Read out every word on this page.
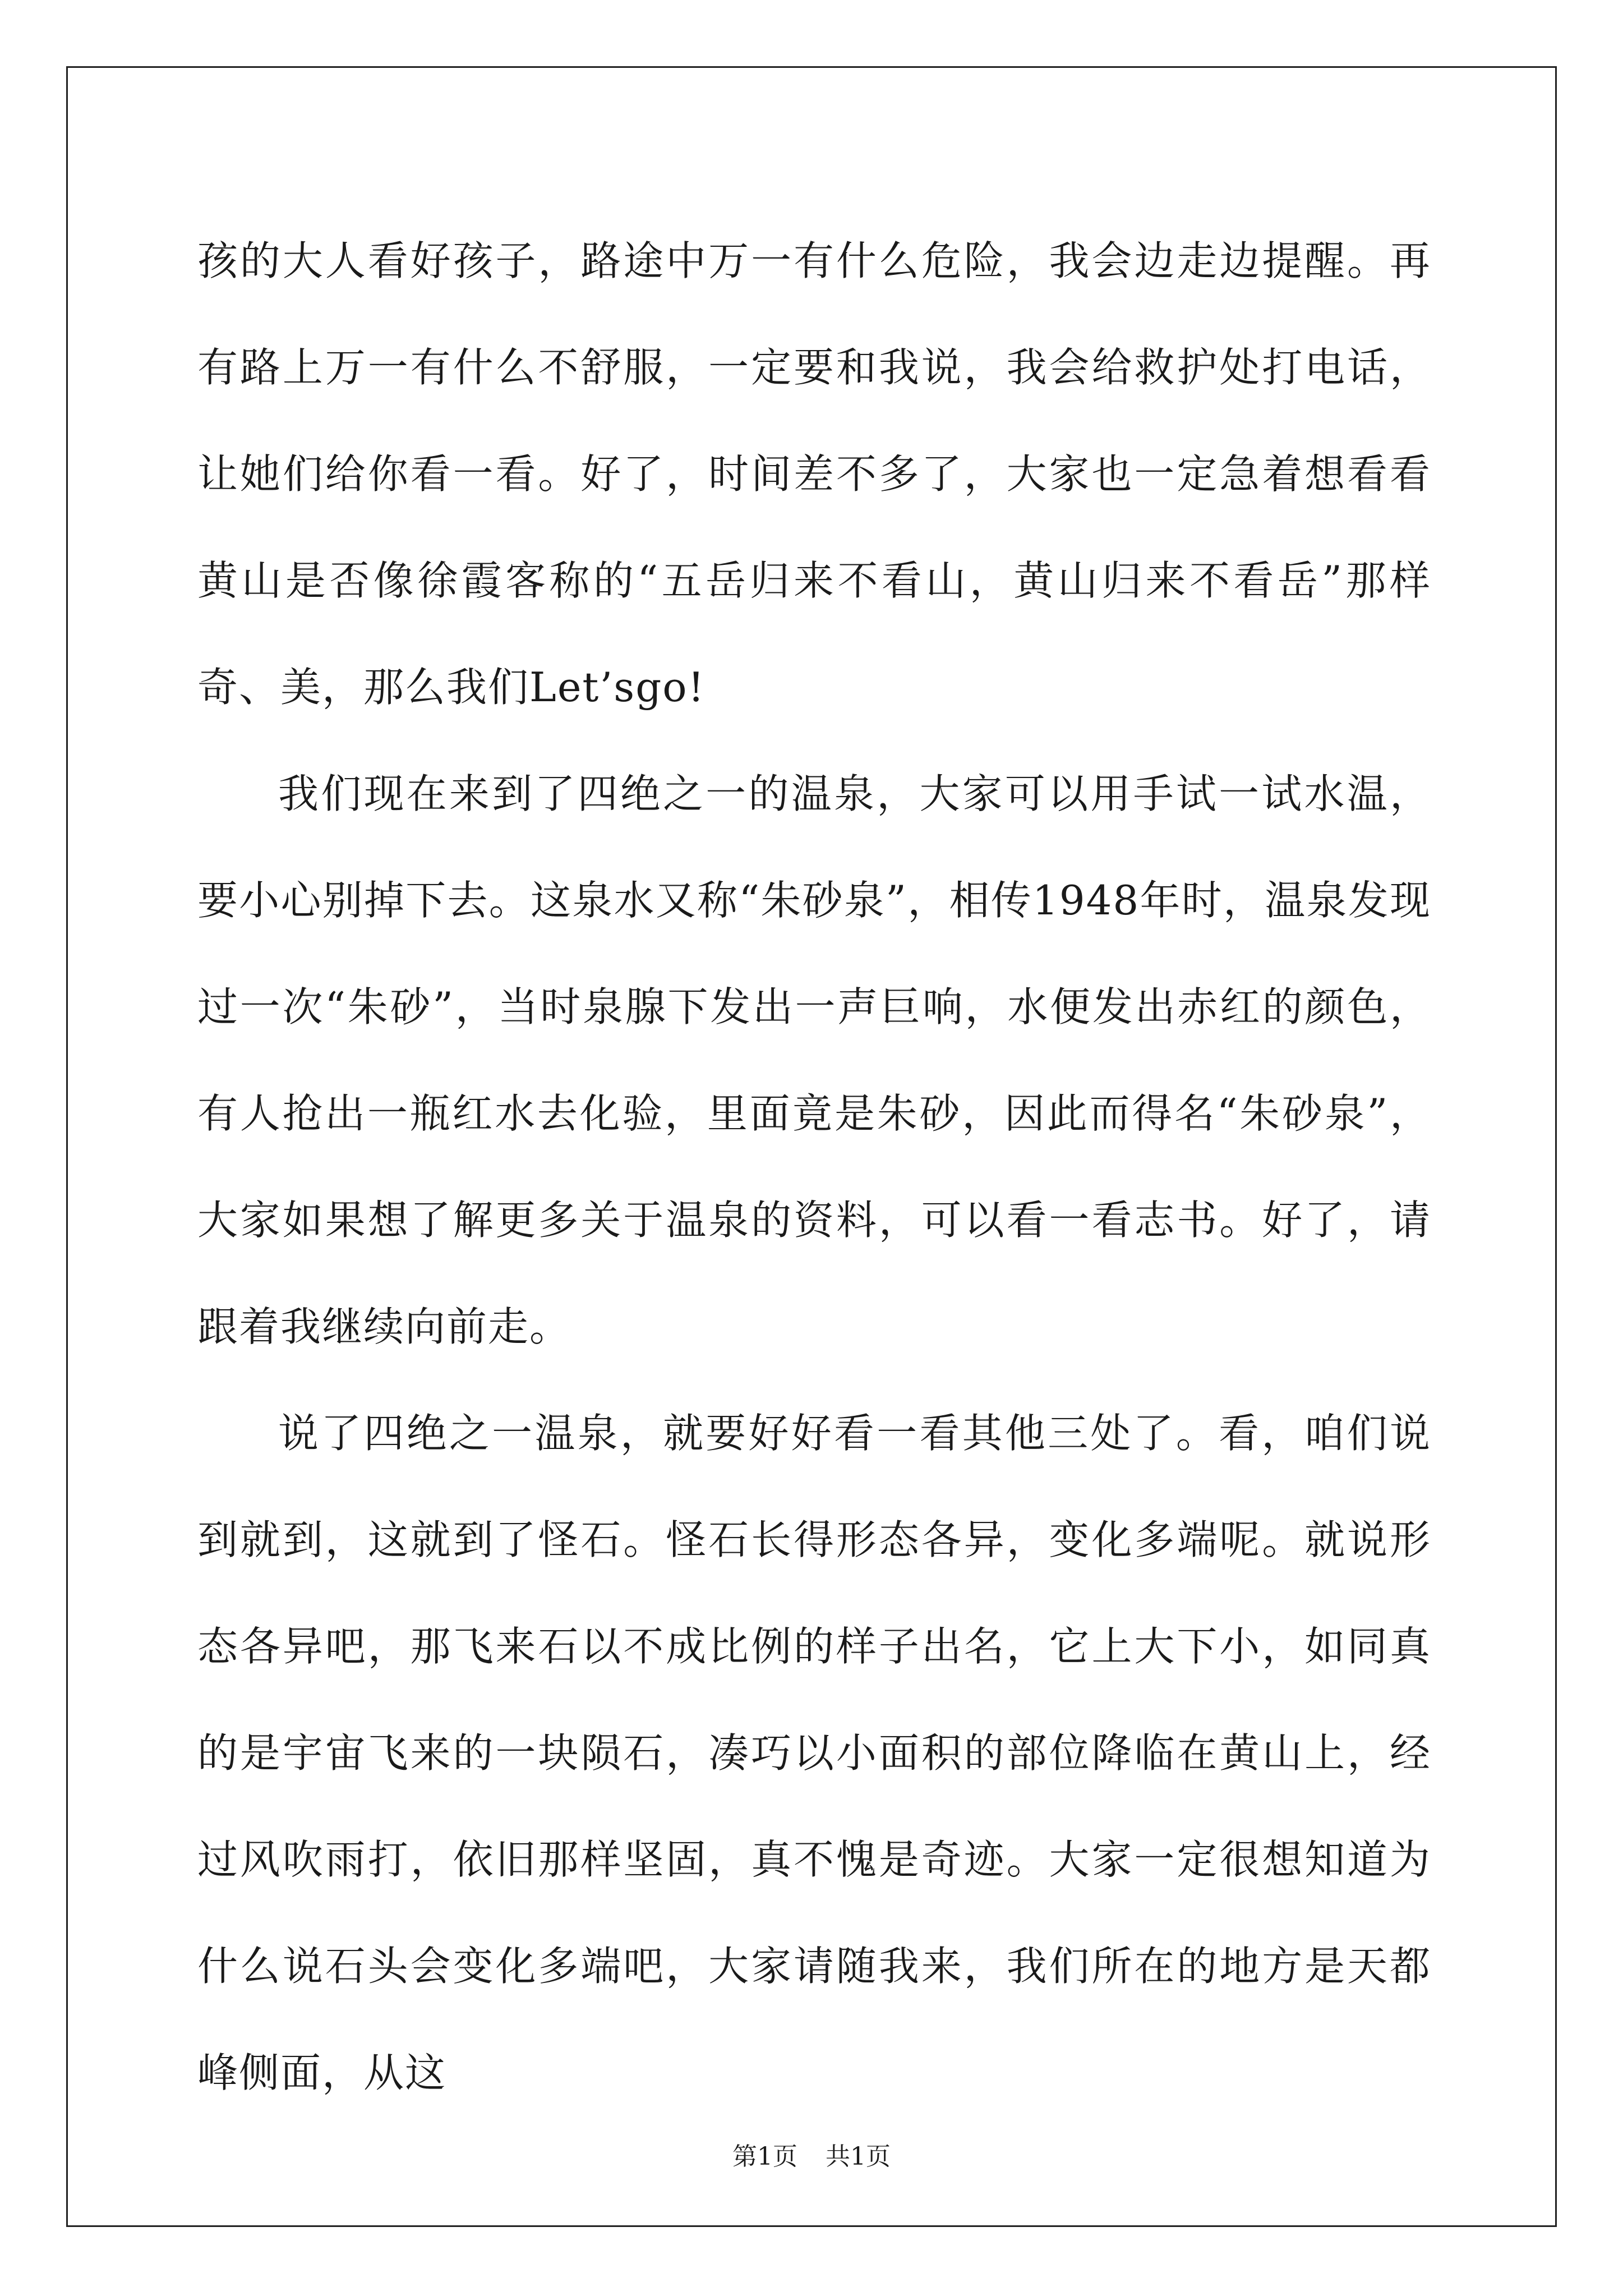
孩的大人看好孩子，路途中万一有什么危险，我会边走边提醒。再有路上万一有什么不舒服，一定要和我说，我会给救护处打电话，让她们给你看一看。好了，时间差不多了，大家也一定急着想看看黄山是否像徐霞客称的“五岳归来不看山，黄山归来不看岳”那样奇、美，那么我们Let’sgo!

我们现在来到了四绝之一的温泉，大家可以用手试一试水温，要小心别掉下去。这泉水又称“朱砂泉”，相传1948年时，温泉发现过一次“朱砂”，当时泉腺下发出一声巨响，水便发出赤红的颜色，有人抢出一瓶红水去化验，里面竟是朱砂，因此而得名“朱砂泉”，大家如果想了解更多关于温泉的资料，可以看一看志书。好了，请跟着我继续向前走。

说了四绝之一温泉，就要好好看一看其他三处了。看，咱们说到就到，这就到了怪石。怪石长得形态各异，变化多端呢。就说形态各异吧，那飞来石以不成比例的样子出名，它上大下小，如同真的是宇宙飞来的一块陨石，凑巧以小面积的部位降临在黄山上，经过风吹雨打，依旧那样坚固，真不愧是奇迹。大家一定很想知道为什么说石头会变化多端吧，大家请随我来，我们所在的地方是天都峰侧面，从这

第1页 共1页
